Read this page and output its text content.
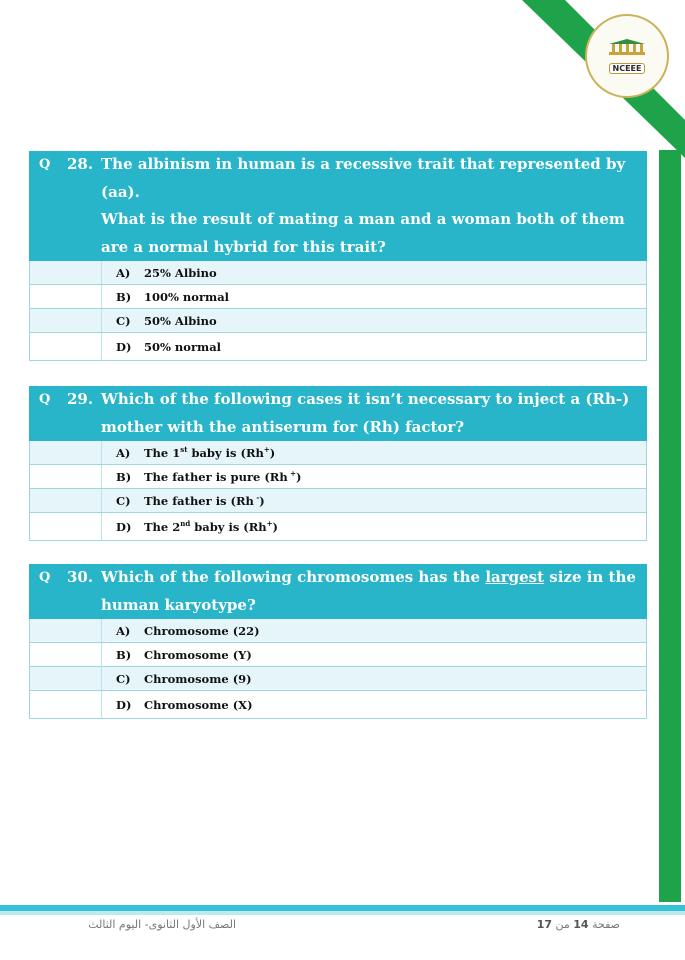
NCEEE
Q	28. The albinism in human is a recessive trait that represented by
(aa).
What is the result of mating a man and a woman both of them
are a normal hybrid for this trait?
A)	25% Albino
B)	100% normal
C)	50% Albino
D)	50% normal
Q	29. Which of the following cases it isn’t necessary to inject a (Rh-)
mother with the antiserum for (Rh) factor?
A)	The 1st baby is (Rh+)
B)	The father is pure (Rh +)
C)	The father is (Rh -)
D)	The 2nd baby is (Rh+)
Q	30. Which of the following chromosomes has the largest size in the
human karyotype?
A)	Chromosome (22)
B)	Chromosome (Y)
C)	Chromosome (9)
D)	Chromosome (X)
الصف الأول الثانوى- اليوم الثالث	صفحة 14 من 17
